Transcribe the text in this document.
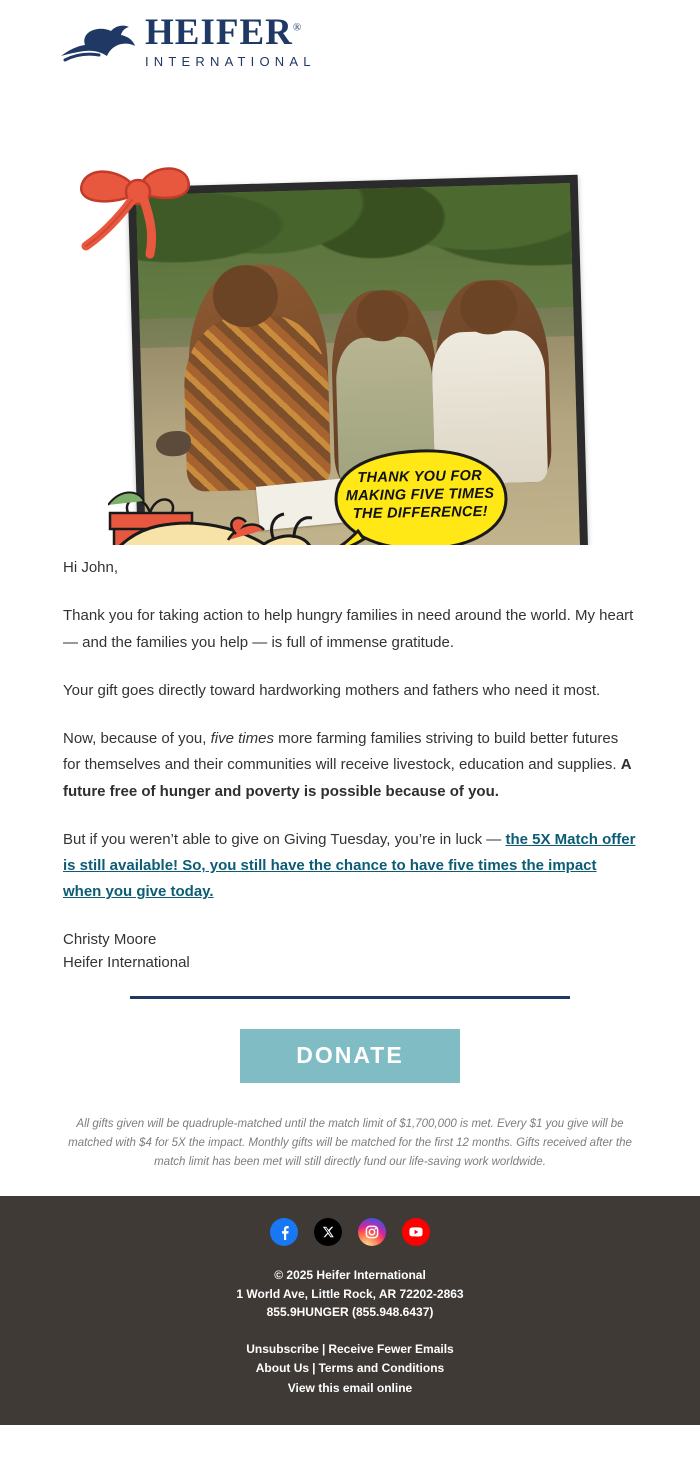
HEIFER®
INTERNATIONAL
THANK YOU FOR
MAKING FIVE TIMES
THE DIFFERENCE!

Hi John,

Thank you for taking action to help hungry families in need around the world. My heart — and the families you help — is full of immense gratitude.

Your gift goes directly toward hardworking mothers and fathers who need it most.

Now, because of you, five times more farming families striving to build better futures for themselves and their communities will receive livestock, education and supplies. A future free of hunger and poverty is possible because of you.

But if you weren’t able to give on Giving Tuesday, you’re in luck — the 5X Match offer is still available! So, you still have the chance to have five times the impact when you give today.

Christy Moore

Heifer International

DONATE
All gifts given will be quadruple-matched until the match limit of $1,700,000 is met. Every $1 you give will be matched with $4 for 5X the impact. Monthly gifts will be matched for the first 12 months. Gifts received after the match limit has been met will still directly fund our life-saving work worldwide.
© 2025 Heifer International
1 World Ave, Little Rock, AR 72202-2863
855.9HUNGER (855.948.6437)
Unsubscribe | Receive Fewer Emails
About Us | Terms and Conditions
View this email online
